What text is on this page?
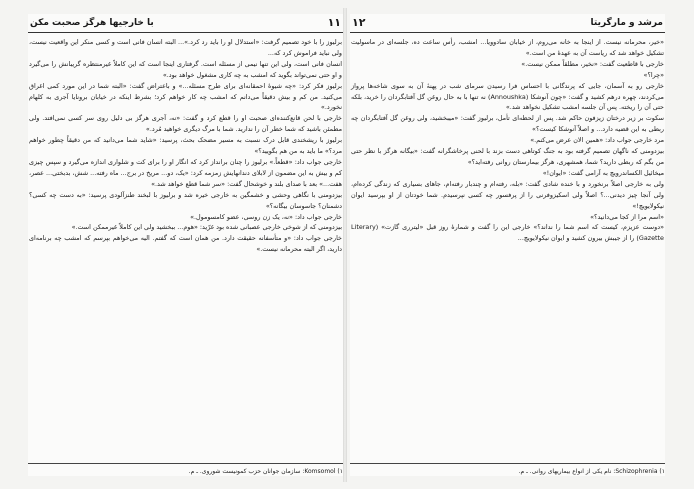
١١
با خارجیها هرگز صحبت مکن

برلیوز را با خود تصمیم گرفت: «استدلال او را باید رد کرد.»... البته انسان فانی است و کسی منکر این واقعیت نیست، ولی نباید فراموش کرد که...

انسان فانی است، ولی این تنها نیمی از مسئله است. گرفتاری اینجا است که این کاملاً غیرمنتظره گریبانش را می‌گیرد و او حتی نمی‌تواند بگوید که امشب به چه کاری مشغول خواهد بود.»

برلیوز فکر کرد: «چه شیوهٔ احمقانه‌ای برای طرح مسئله...» و باعتراض گفت: «البته شما در این مورد کمی اغراق می‌کنید. من کم و بیش دقیقاً می‌دانم که امشب چه کار خواهم کرد؛ بشرط اینکه در خیابان برونایا آجری به کلهام نخورد.»

خارجی با لحن قانع‌کننده‌ای صحبت او را قطع کرد و گفت: «نه، آجری هرگز بی دلیل روی سر کسی نمی‌افتد. ولی مطمئن باشید که شما خطر آن را ندارید. شما با مرگ دیگری خواهید مُرد.»

برلیوز با ریشخندی قابل درک نسبت به مسیر مضحک بحث، پرسید: «شاید شما می‌دانید که من دقیقاً چطور خواهم مرد؟» ما باید به من هم بگویید؟»

خارجی جواب داد: «قطعاً.» برلیوز را چنان برانداز کرد که انگار او را برای کت و شلواری اندازه می‌گیرد و سپس چیزی کم و بیش به این مضمون از لابلای دندانهایش زمزمه کرد: «یک، دو... مریخ در برج... ماه رفته... شش، بدبختی... عصر، هفت...» بعد با صدای بلند و خوشحال گفت: «سر شما قطع خواهد شد.»

بیزدومنی با نگاهی وحشی و خشمگین به خارجی خیره شد و برلیوز با لبخند طنزآلودی پرسید: «به دست چه کسی؟ دشمنان؟ جاسوسان بیگانه؟»

خارجی جواب داد: «نه، یک زن روسی، عضو کامسومول.»

بیزدومنی که از شوخی خارجی عصبانی شده بود غرّید: «هوم... ببخشید ولی این کاملاً غیرممکن است.»

خارجی جواب داد: «و متأسفانه حقیقت دارد. من همان است که گفتم. الیه می‌خواهم بپرسم که امشب چه برنامه‌ای دارید، اگر البته محرمانه نیست.»

١) Komsomol: سازمان جوانان حزب کمونیست شوروی. ـ م.
مرشد و مارگریتا
١٢

«خیر، محرمانه نیست. از اینجا به خانه می‌روم، از خیابان سادوویا... امشب، رأس ساعت ده، جلسه‌ای در ماسولیت تشکیل خواهد شد که ریاست آن به عهدهٔ من است.»

خارجی با قاطعیت گفت: «نخیر، مطلقاً ممکن نیست.»

«چرا؟»

خارجی رو به آسمان، جایی که پرندگانی با احساس فرا رسیدن سرمای شب در پهنهٔ آن به سوی شاخه‌ها پرواز می‌کردند، چهره درهم کشید و گفت: «چون آنوشکا (Annoushka) نه تنها با به حال روغن گل آفتابگردان را خرید، بلکه حتی آن را ریخته. پس آن جلسه امشب تشکیل نخواهد شد.»

سکوت بر زیر درختان زیزفون حاکم شد. پس از لحظه‌ای تأمل، برلیوز گفت: «میبخشید، ولی روغن گل آفتابگردان چه ربطی به این قضیه دارد... و اصلاً آنوشکا کیست؟»

مرد خارجی جواب داد: «همین الان عرض می‌کنم.»

بیزدومنی که ناگهان تصمیم گرفته بود به جنگ کوتاهی دست بزند با لحنی پرخاشگرانه گفت: «بیگانه هرگز با نظر حتی من بگم که ربطی دارید؟ شما، همشهری، هرگز بیمارستان روانی رفته‌اید؟»

میخائیل الکساندرویچ به آرامی گفت: «ایوان!»

ولی به خارجی اصلاً برنخورد و با خنده شادی گفت: «بله، رفته‌ام و چندبار رفته‌ام، جاهای بسیاری که زندگی کرده‌ام، ولی آنجا چیز دیدنی...؟ اصلاً ولی اسکیزوفرنی را از پرفسور چه کسی نپرسیدم. شما خودتان از او بپرسید ایوان نیکولایویچ!»

«اسم مرا از کجا می‌دانید؟»

«دوست عزیزم، کیست که اسم شما را نداند؟» خارجی این را گفت و شمارهٔ روز قبل «لیترری گازت» (Literary Gazette) را از جیبش بیرون کشید و ایوان نیکولایویچ...

١) Schizophrenia: نام یکی از انواع بیماریهای روانی. ـ م.
